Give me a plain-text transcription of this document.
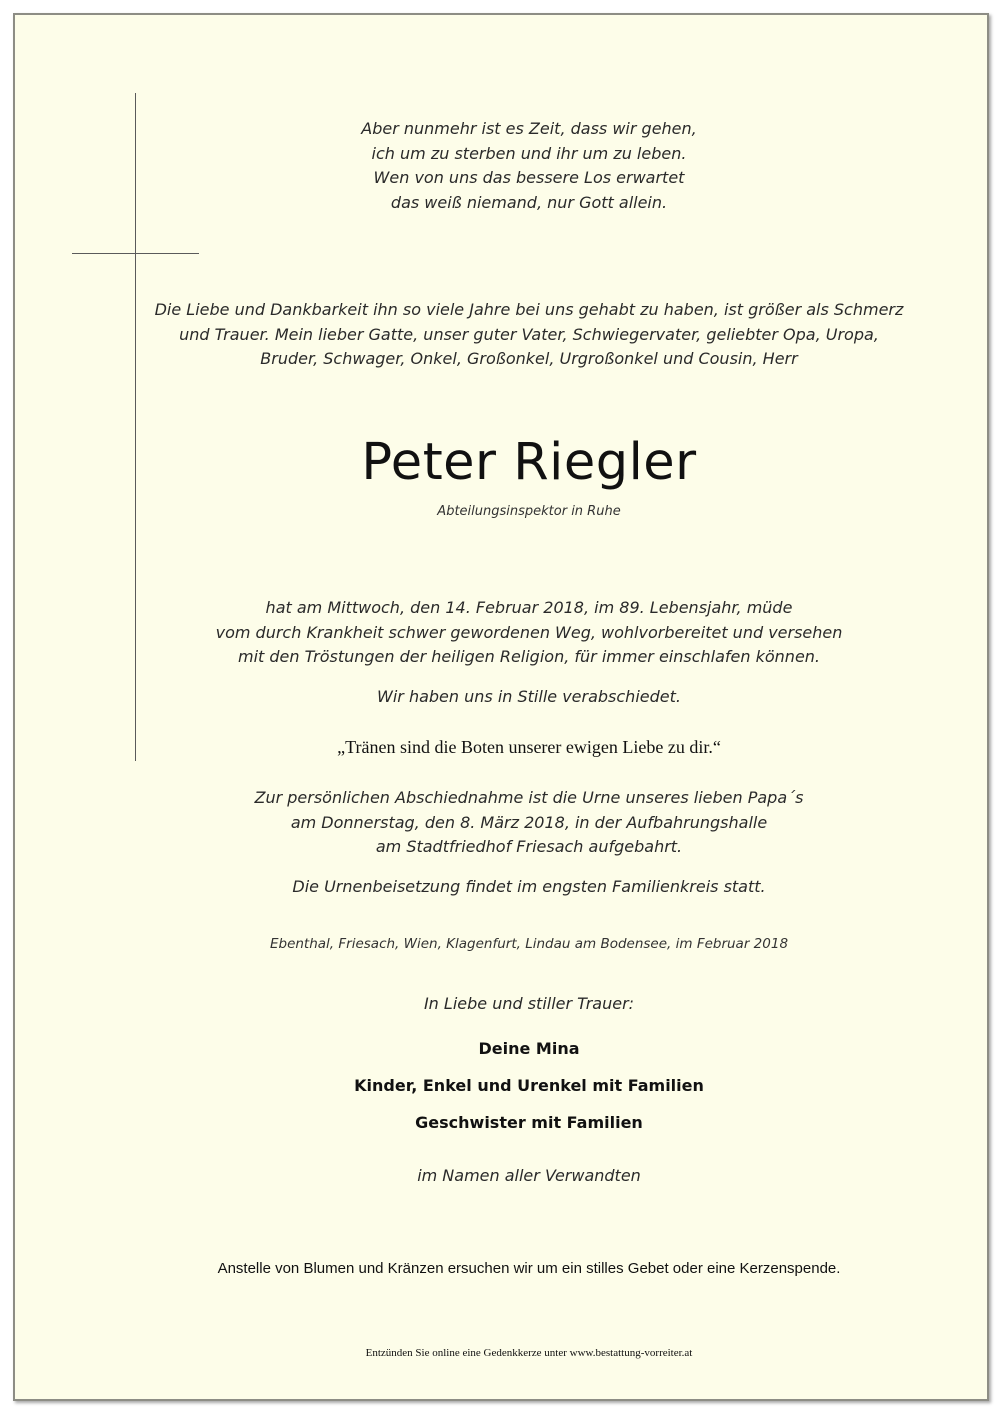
Aber nunmehr ist es Zeit, dass wir gehen,
ich um zu sterben und ihr um zu leben.
Wen von uns das bessere Los erwartet
das weiß niemand, nur Gott allein.
Die Liebe und Dankbarkeit ihn so viele Jahre bei uns gehabt zu haben, ist größer als Schmerz
und Trauer. Mein lieber Gatte, unser guter Vater, Schwiegervater, geliebter Opa, Uropa,
Bruder, Schwager, Onkel, Großonkel, Urgroßonkel und Cousin, Herr
Peter Riegler
Abteilungsinspektor in Ruhe
hat am Mittwoch, den 14. Februar 2018, im 89. Lebensjahr, müde
vom durch Krankheit schwer gewordenen Weg, wohlvorbereitet und versehen
mit den Tröstungen der heiligen Religion, für immer einschlafen können.
Wir haben uns in Stille verabschiedet.
„Tränen sind die Boten unserer ewigen Liebe zu dir.“
Zur persönlichen Abschiednahme ist die Urne unseres lieben Papa´s
am Donnerstag, den 8. März 2018, in der Aufbahrungshalle
am Stadtfriedhof Friesach aufgebahrt.
Die Urnenbeisetzung findet im engsten Familienkreis statt.
Ebenthal, Friesach, Wien, Klagenfurt, Lindau am Bodensee, im Februar 2018
In Liebe und stiller Trauer:
Deine Mina
Kinder, Enkel und Urenkel mit Familien
Geschwister mit Familien
im Namen aller Verwandten
Anstelle von Blumen und Kränzen ersuchen wir um ein stilles Gebet oder eine Kerzenspende.
Entzünden Sie online eine Gedenkkerze unter www.bestattung-vorreiter.at
